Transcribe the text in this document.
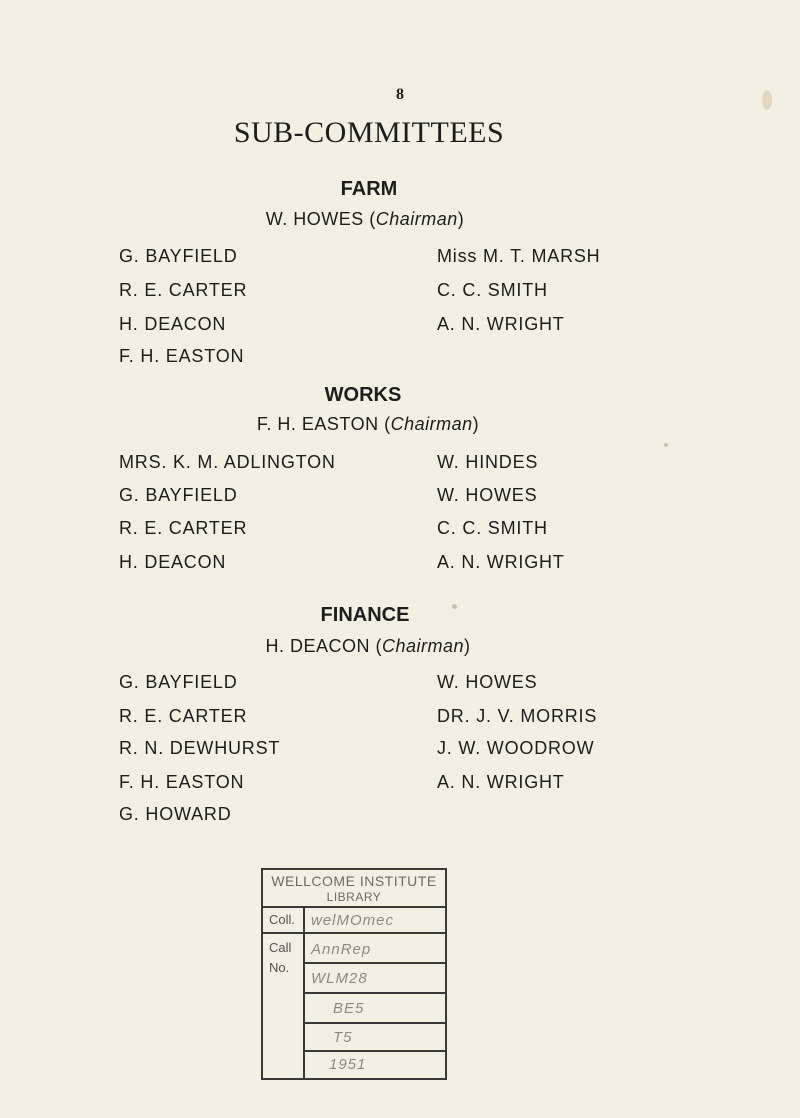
8
SUB-COMMITTEES
FARM
W. HOWES (Chairman)
G. BAYFIELD
R. E. CARTER
H. DEACON
F. H. EASTON
Miss M. T. MARSH
C. C. SMITH
A. N. WRIGHT
WORKS
F. H. EASTON (Chairman)
MRS. K. M. ADLINGTON
G. BAYFIELD
R. E. CARTER
H. DEACON
W. HINDES
W. HOWES
C. C. SMITH
A. N. WRIGHT
FINANCE
H. DEACON (Chairman)
G. BAYFIELD
R. E. CARTER
R. N. DEWHURST
F. H. EASTON
G. HOWARD
W. HOWES
DR. J. V. MORRIS
J. W. WOODROW
A. N. WRIGHT
WELLCOME INSTITUTE
LIBRARY
Coll. welMOmec
Call
No.
AnnRep
WLM28
BE5
T5
1951
